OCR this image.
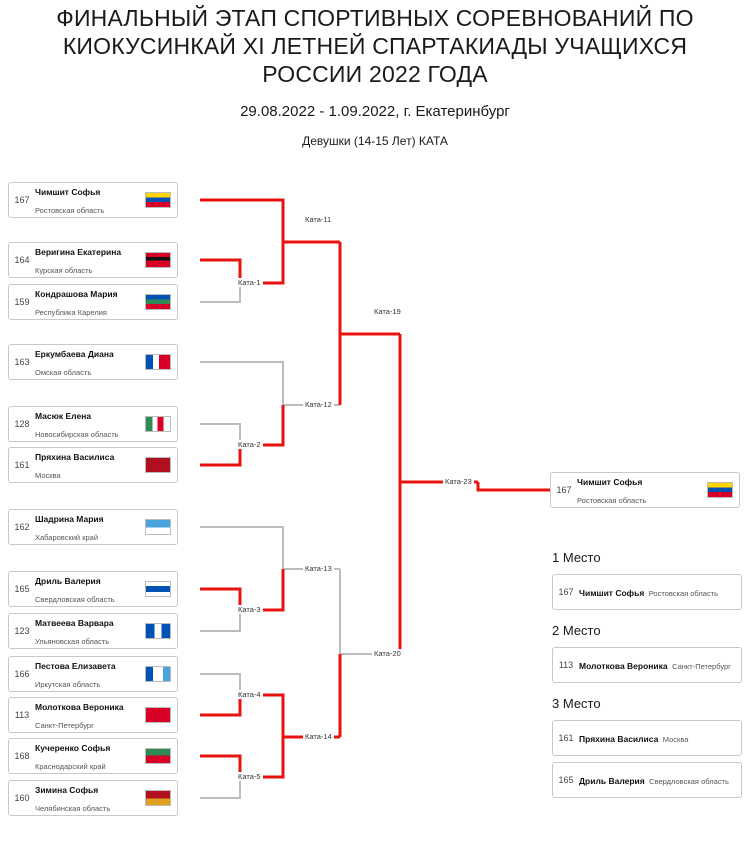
ФИНАЛЬНЫЙ ЭТАП СПОРТИВНЫХ СОРЕВНОВАНИЙ ПО КИОКУСИНКАЙ XI ЛЕТНЕЙ СПАРТАКИАДЫ УЧАЩИХСЯ РОССИИ 2022 ГОДА
29.08.2022 - 1.09.2022, г. Екатеринбург
Девушки (14-15 Лет) КАТА
167
Чимшит Софья Ростовская область
164
Веригина Екатерина Курская область
159
Кондрашова Мария Республика Карелия
163
Еркумбаева Диана Омская область
128
Масюк Елена Новосибирская область
161
Пряхина Василиса Москва
162
Шадрина Мария Хабаровский край
165
Дриль Валерия Свердловская область
123
Матвеева Варвара Ульяновская область
166
Пестова Елизавета Иркутская область
113
Молоткова Вероника Санкт-Петербург
168
Кучеренко Софья Краснодарский край
160
Зимина Софья Челябинская область
Ката-1
Ката-2
Ката-3
Ката-4
Ката-5
Ката-11
Ката-12
Ката-13
Ката-14
Ката-19
Ката-20
Ката-23
167
Чимшит Софья Ростовская область
1 Место
167 Чимшит Софья Ростовская область
2 Место
113 Молоткова Вероника Санкт-Петербург
3 Место
161 Пряхина Василиса Москва
165 Дриль Валерия Свердловская область
